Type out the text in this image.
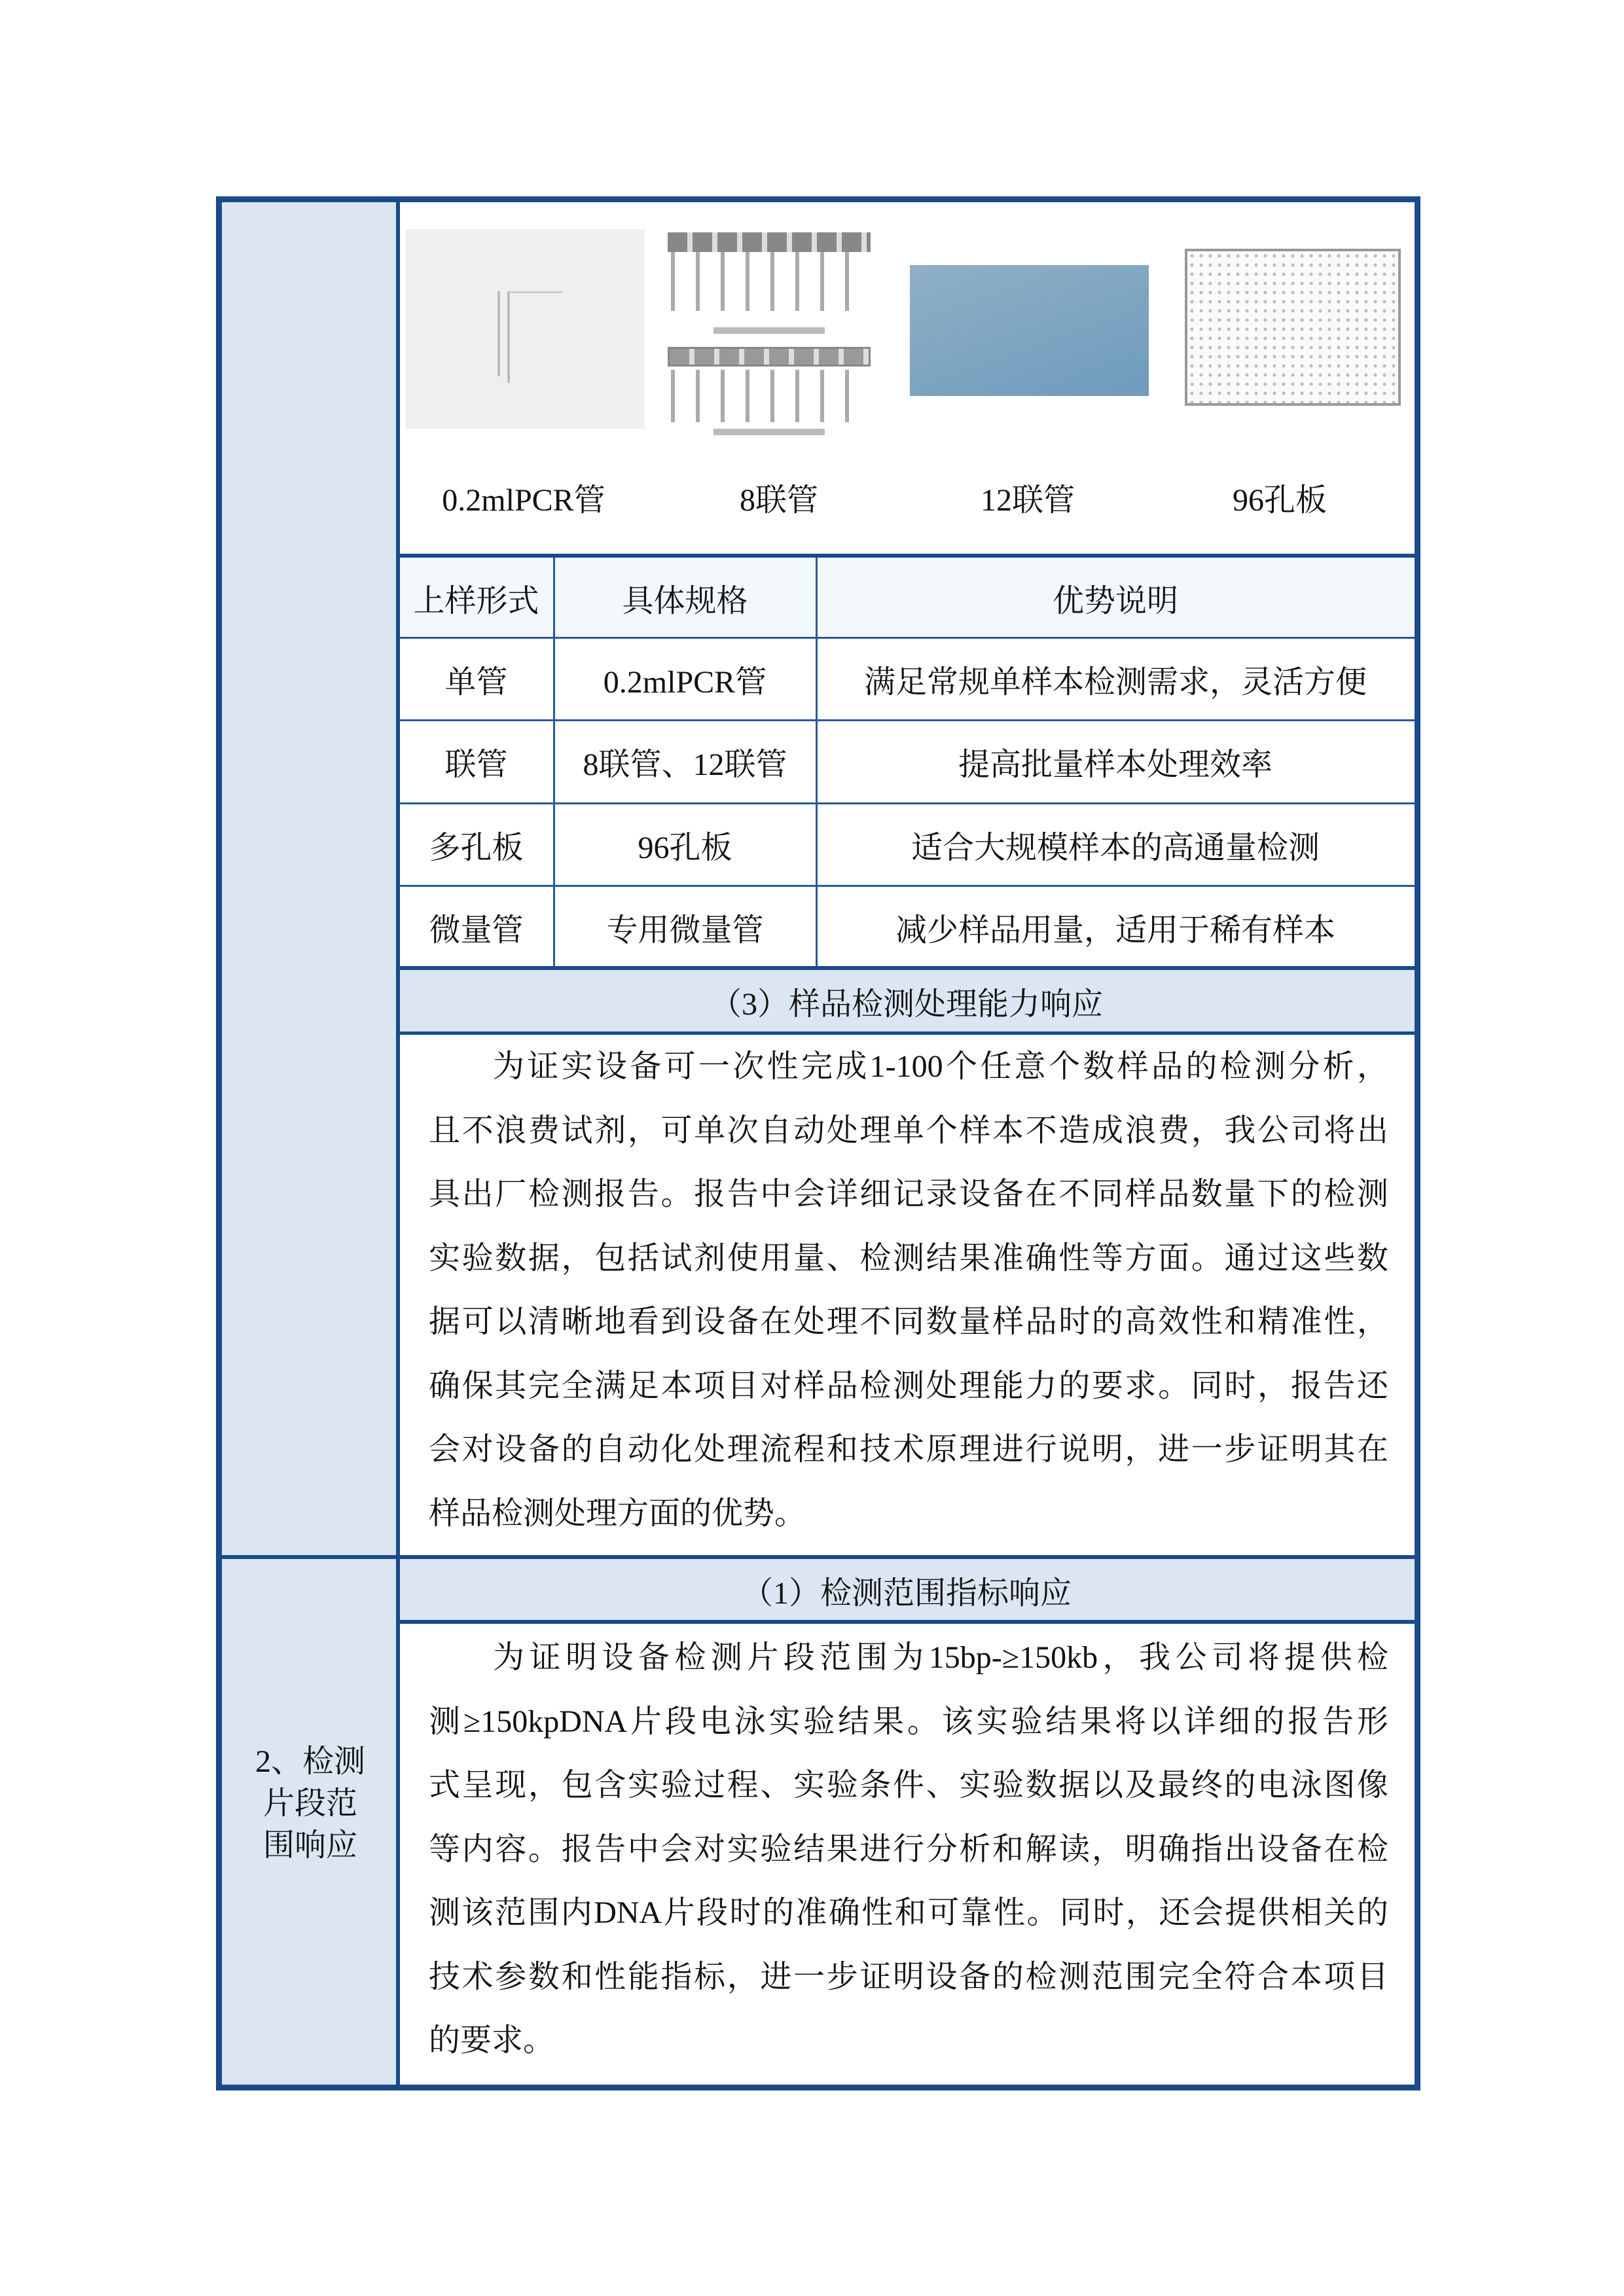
0.2mlPCR管	8联管	12联管	96孔板
上样形式	具体规格	优势说明
单管	0.2mlPCR管	满足常规单样本检测需求，灵活方便
联管	8联管、12联管	提高批量样本处理效率
多孔板	96孔板	适合大规模样本的高通量检测
微量管	专用微量管	减少样品用量，适用于稀有样本
（3）样品检测处理能力响应
为证实设备可一次性完成1-100个任意个数样品的检测分析，
且不浪费试剂，可单次自动处理单个样本不造成浪费，我公司将出
具出厂检测报告。报告中会详细记录设备在不同样品数量下的检测
实验数据，包括试剂使用量、检测结果准确性等方面。通过这些数
据可以清晰地看到设备在处理不同数量样品时的高效性和精准性，
确保其完全满足本项目对样品检测处理能力的要求。同时，报告还
会对设备的自动化处理流程和技术原理进行说明，进一步证明其在
样品检测处理方面的优势。
（1）检测范围指标响应
为证明设备检测片段范围为15bp-≥150kb，我公司将提供检
测≥150kpDNA片段电泳实验结果。该实验结果将以详细的报告形
式呈现，包含实验过程、实验条件、实验数据以及最终的电泳图像
等内容。报告中会对实验结果进行分析和解读，明确指出设备在检
测该范围内DNA片段时的准确性和可靠性。同时，还会提供相关的
技术参数和性能指标，进一步证明设备的检测范围完全符合本项目
的要求。
2、检测
片段范
围响应
